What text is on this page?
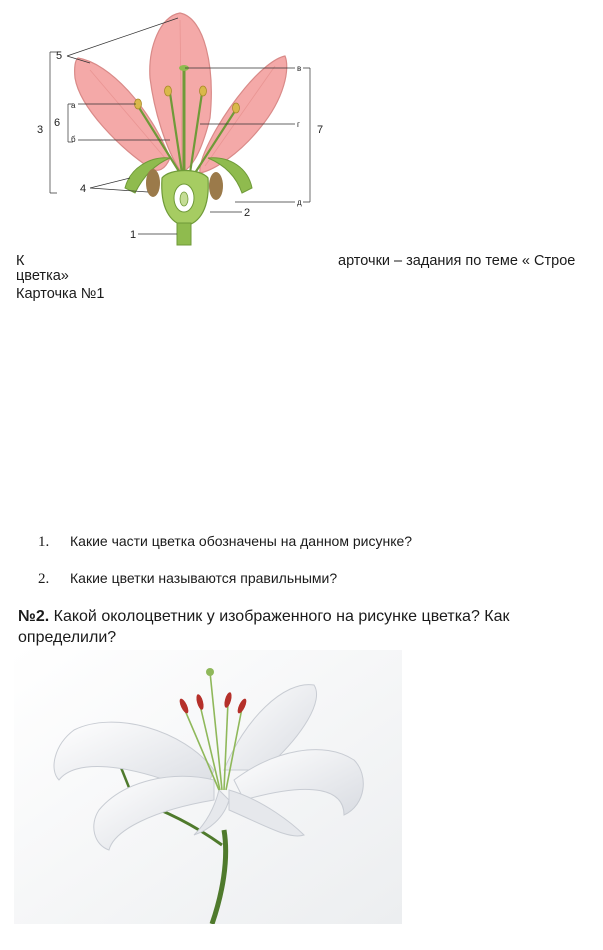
5
3
6
а
б
4
1
в
г 7
2
д
К	арточки – задания по теме « Строе
цветка»
Карточка №1
1. Какие части цветка обозначены на данном рисунке?
2. Какие цветки называются правильными?
№2. Какой околоцветник у изображенного на рисунке цветка? Как определили?
